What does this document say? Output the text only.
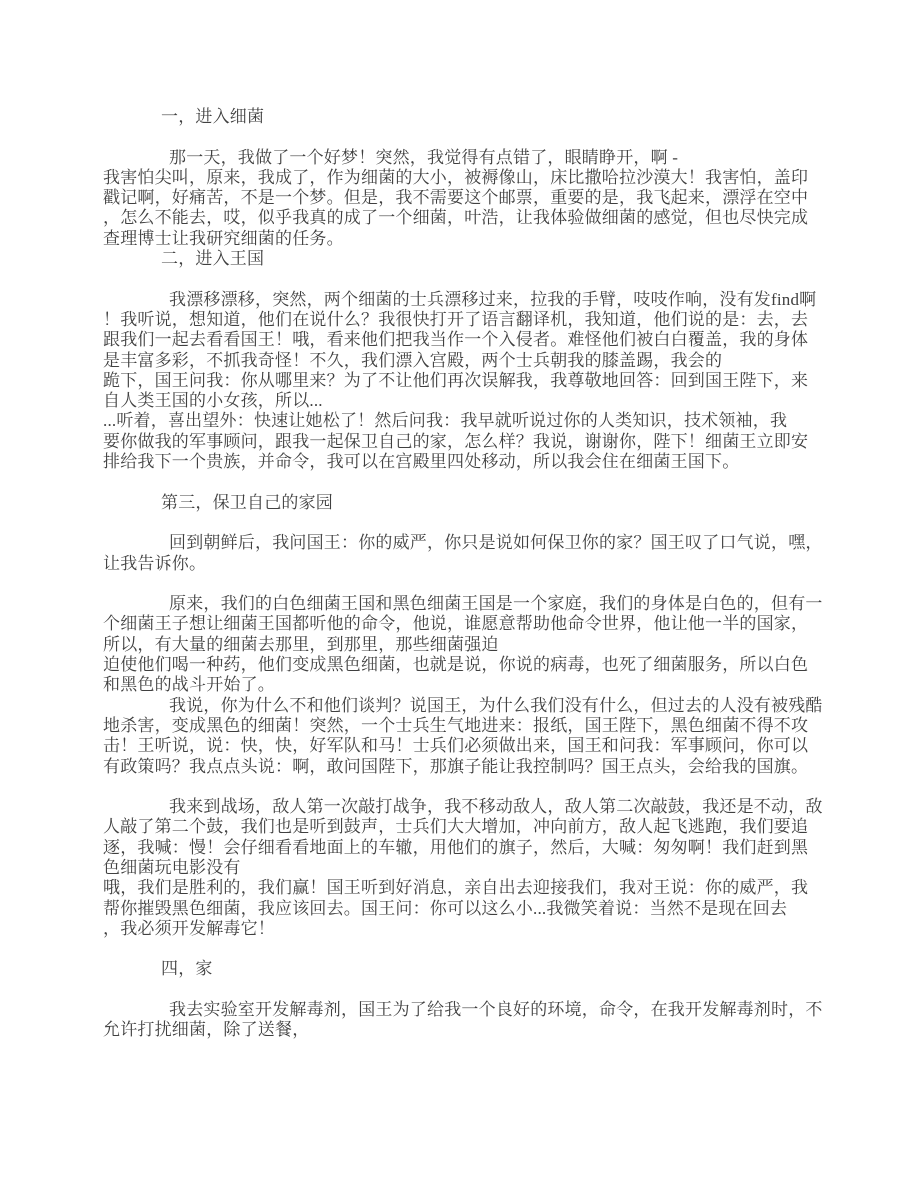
一，进入细菌
那一天，我做了一个好梦！突然，我觉得有点错了，眼睛睁开，啊 -
我害怕尖叫，原来，我成了，作为细菌的大小，被褥像山，床比撒哈拉沙漠大！我害怕，盖印
戳记啊，好痛苦，不是一个梦。但是，我不需要这个邮票，重要的是，我飞起来，漂浮在空中
，怎么不能去，哎，似乎我真的成了一个细菌，叶浩，让我体验做细菌的感觉，但也尽快完成
查理博士让我研究细菌的任务。
二，进入王国
我漂移漂移，突然，两个细菌的士兵漂移过来，拉我的手臂，吱吱作响，没有发find啊
！我听说，想知道，他们在说什么？我很快打开了语言翻译机，我知道，他们说的是：去，去
跟我们一起去看看国王！哦，看来他们把我当作一个入侵者。难怪他们被白白覆盖，我的身体
是丰富多彩，不抓我奇怪！不久，我们漂入宫殿，两个士兵朝我的膝盖踢，我会的
跪下，国王问我：你从哪里来？为了不让他们再次误解我，我尊敬地回答：回到国王陛下，来
自人类王国的小女孩，所以...
...听着，喜出望外：快速让她松了！然后问我：我早就听说过你的人类知识，技术领袖，我
要你做我的军事顾问，跟我一起保卫自己的家，怎么样？我说，谢谢你，陛下！细菌王立即安
排给我下一个贵族，并命令，我可以在宫殿里四处移动，所以我会住在细菌王国下。
第三，保卫自己的家园
回到朝鲜后，我问国王：你的威严，你只是说如何保卫你的家？国王叹了口气说，嘿，
让我告诉你。
原来，我们的白色细菌王国和黑色细菌王国是一个家庭，我们的身体是白色的，但有一
个细菌王子想让细菌王国都听他的命令，他说，谁愿意帮助他命令世界，他让他一半的国家，
所以，有大量的细菌去那里，到那里，那些细菌强迫
迫使他们喝一种药，他们变成黑色细菌，也就是说，你说的病毒，也死了细菌服务，所以白色
和黑色的战斗开始了。
我说，你为什么不和他们谈判？说国王，为什么我们没有什么，但过去的人没有被残酷
地杀害，变成黑色的细菌！突然，一个士兵生气地进来：报纸，国王陛下，黑色细菌不得不攻
击！王听说，说：快，快，好军队和马！士兵们必须做出来，国王和问我：军事顾问，你可以
有政策吗？我点点头说：啊，敢问国陛下，那旗子能让我控制吗？国王点头，会给我的国旗。
我来到战场，敌人第一次敲打战争，我不移动敌人，敌人第二次敲鼓，我还是不动，敌
人敲了第二个鼓，我们也是听到鼓声，士兵们大大增加，冲向前方，敌人起飞逃跑，我们要追
逐，我喊：慢！会仔细看看地面上的车辙，用他们的旗子，然后，大喊：匆匆啊！我们赶到黑
色细菌玩电影没有
哦，我们是胜利的，我们赢！国王听到好消息，亲自出去迎接我们，我对王说：你的威严，我
帮你摧毁黑色细菌，我应该回去。国王问：你可以这么小...我微笑着说：当然不是现在回去
，我必须开发解毒它！
四，家
我去实验室开发解毒剂，国王为了给我一个良好的环境，命令，在我开发解毒剂时，不
允许打扰细菌，除了送餐，
